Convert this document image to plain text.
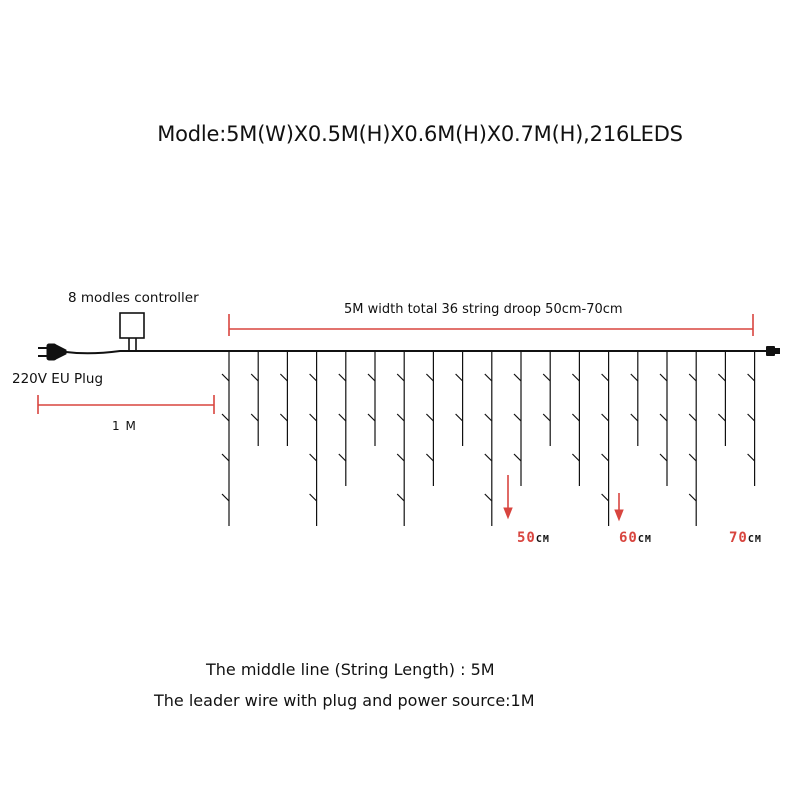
Modle:5M(W)X0.5M(H)X0.6M(H)X0.7M(H),216LEDS
8 modles controller
5M width total 36 string droop 50cm-70cm
220V EU Plug
1 M
50CM	60CM	70CM
The middle line (String Length) : 5M
The leader wire with plug and power source:1M
